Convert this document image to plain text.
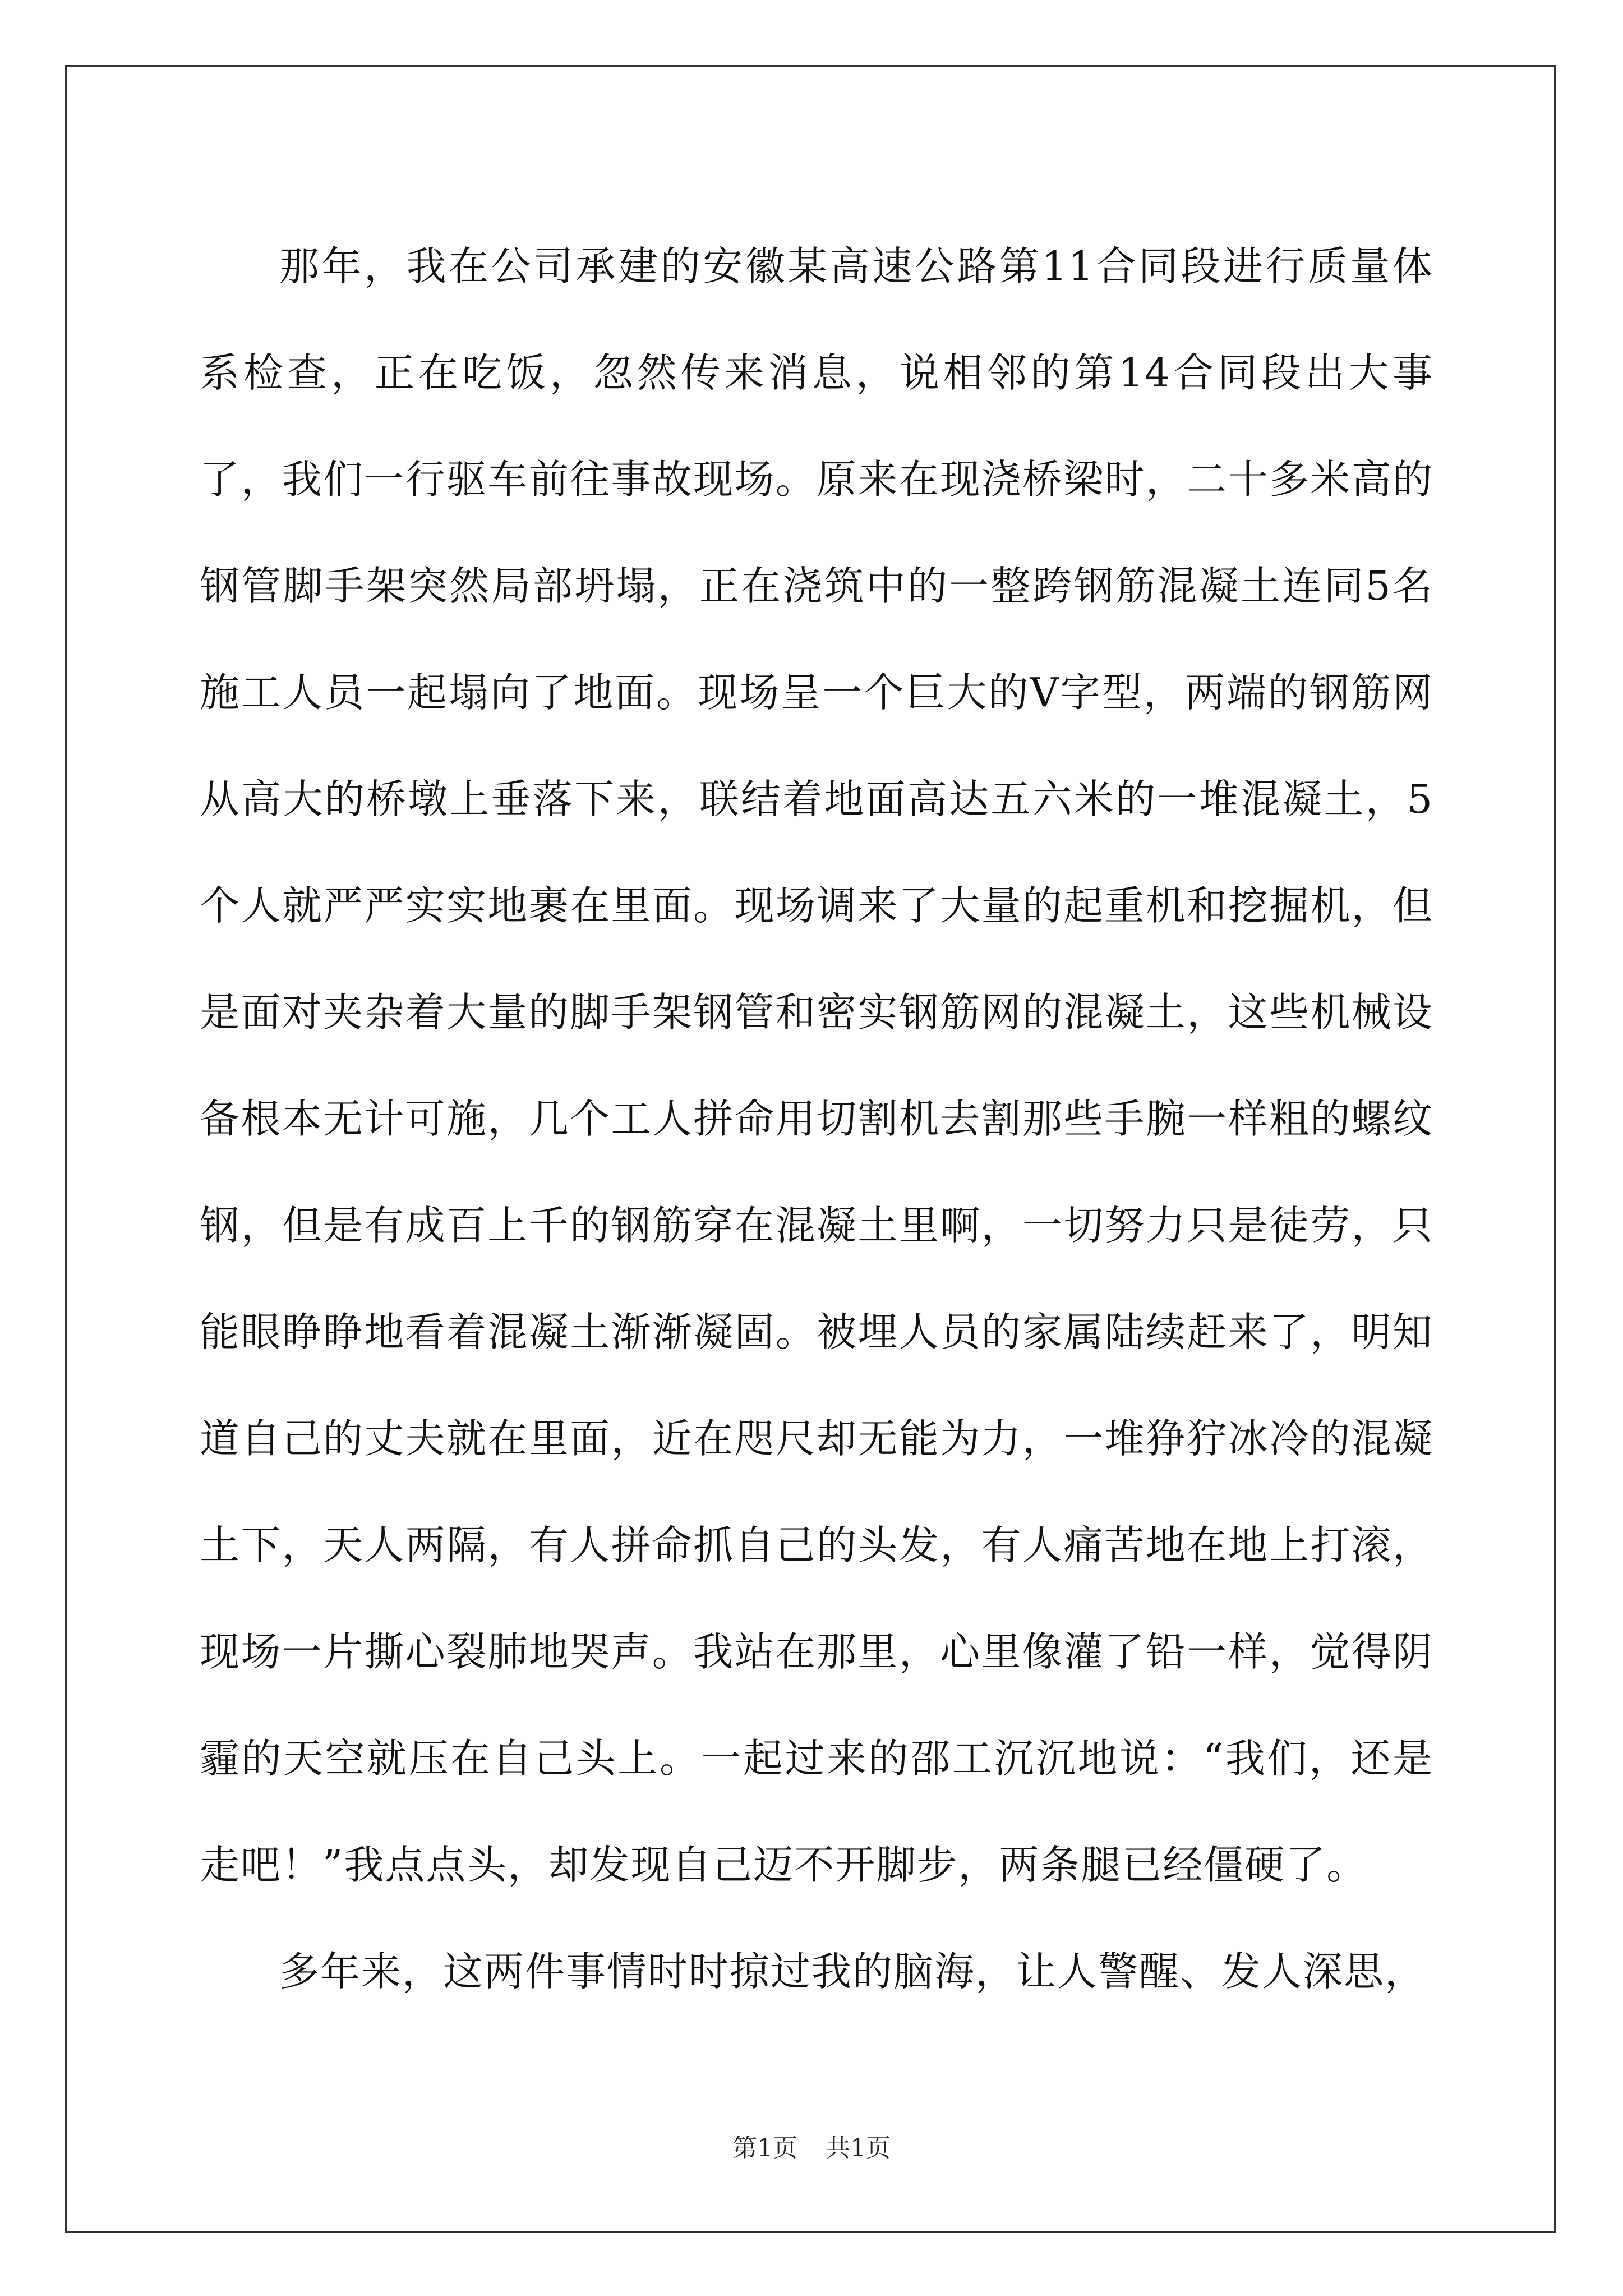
那年，我在公司承建的安徽某高速公路第11合同段进行质量体系检查，正在吃饭，忽然传来消息，说相邻的第14合同段出大事了，我们一行驱车前往事故现场。原来在现浇桥梁时，二十多米高的钢管脚手架突然局部坍塌，正在浇筑中的一整跨钢筋混凝土连同5名施工人员一起塌向了地面。现场呈一个巨大的V字型，两端的钢筋网从高大的桥墩上垂落下来，联结着地面高达五六米的一堆混凝土，5个人就严严实实地裹在里面。现场调来了大量的起重机和挖掘机，但是面对夹杂着大量的脚手架钢管和密实钢筋网的混凝土，这些机械设备根本无计可施，几个工人拼命用切割机去割那些手腕一样粗的螺纹钢，但是有成百上千的钢筋穿在混凝土里啊，一切努力只是徒劳，只能眼睁睁地看着混凝土渐渐凝固。被埋人员的家属陆续赶来了，明知道自己的丈夫就在里面，近在咫尺却无能为力，一堆狰狞冰冷的混凝土下，天人两隔，有人拼命抓自己的头发，有人痛苦地在地上打滚，现场一片撕心裂肺地哭声。我站在那里，心里像灌了铅一样，觉得阴霾的天空就压在自己头上。一起过来的邵工沉沉地说：“我们，还是走吧！”我点点头，却发现自己迈不开脚步，两条腿已经僵硬了。

多年来，这两件事情时时掠过我的脑海，让人警醒、发人深思，

第1页 共1页
